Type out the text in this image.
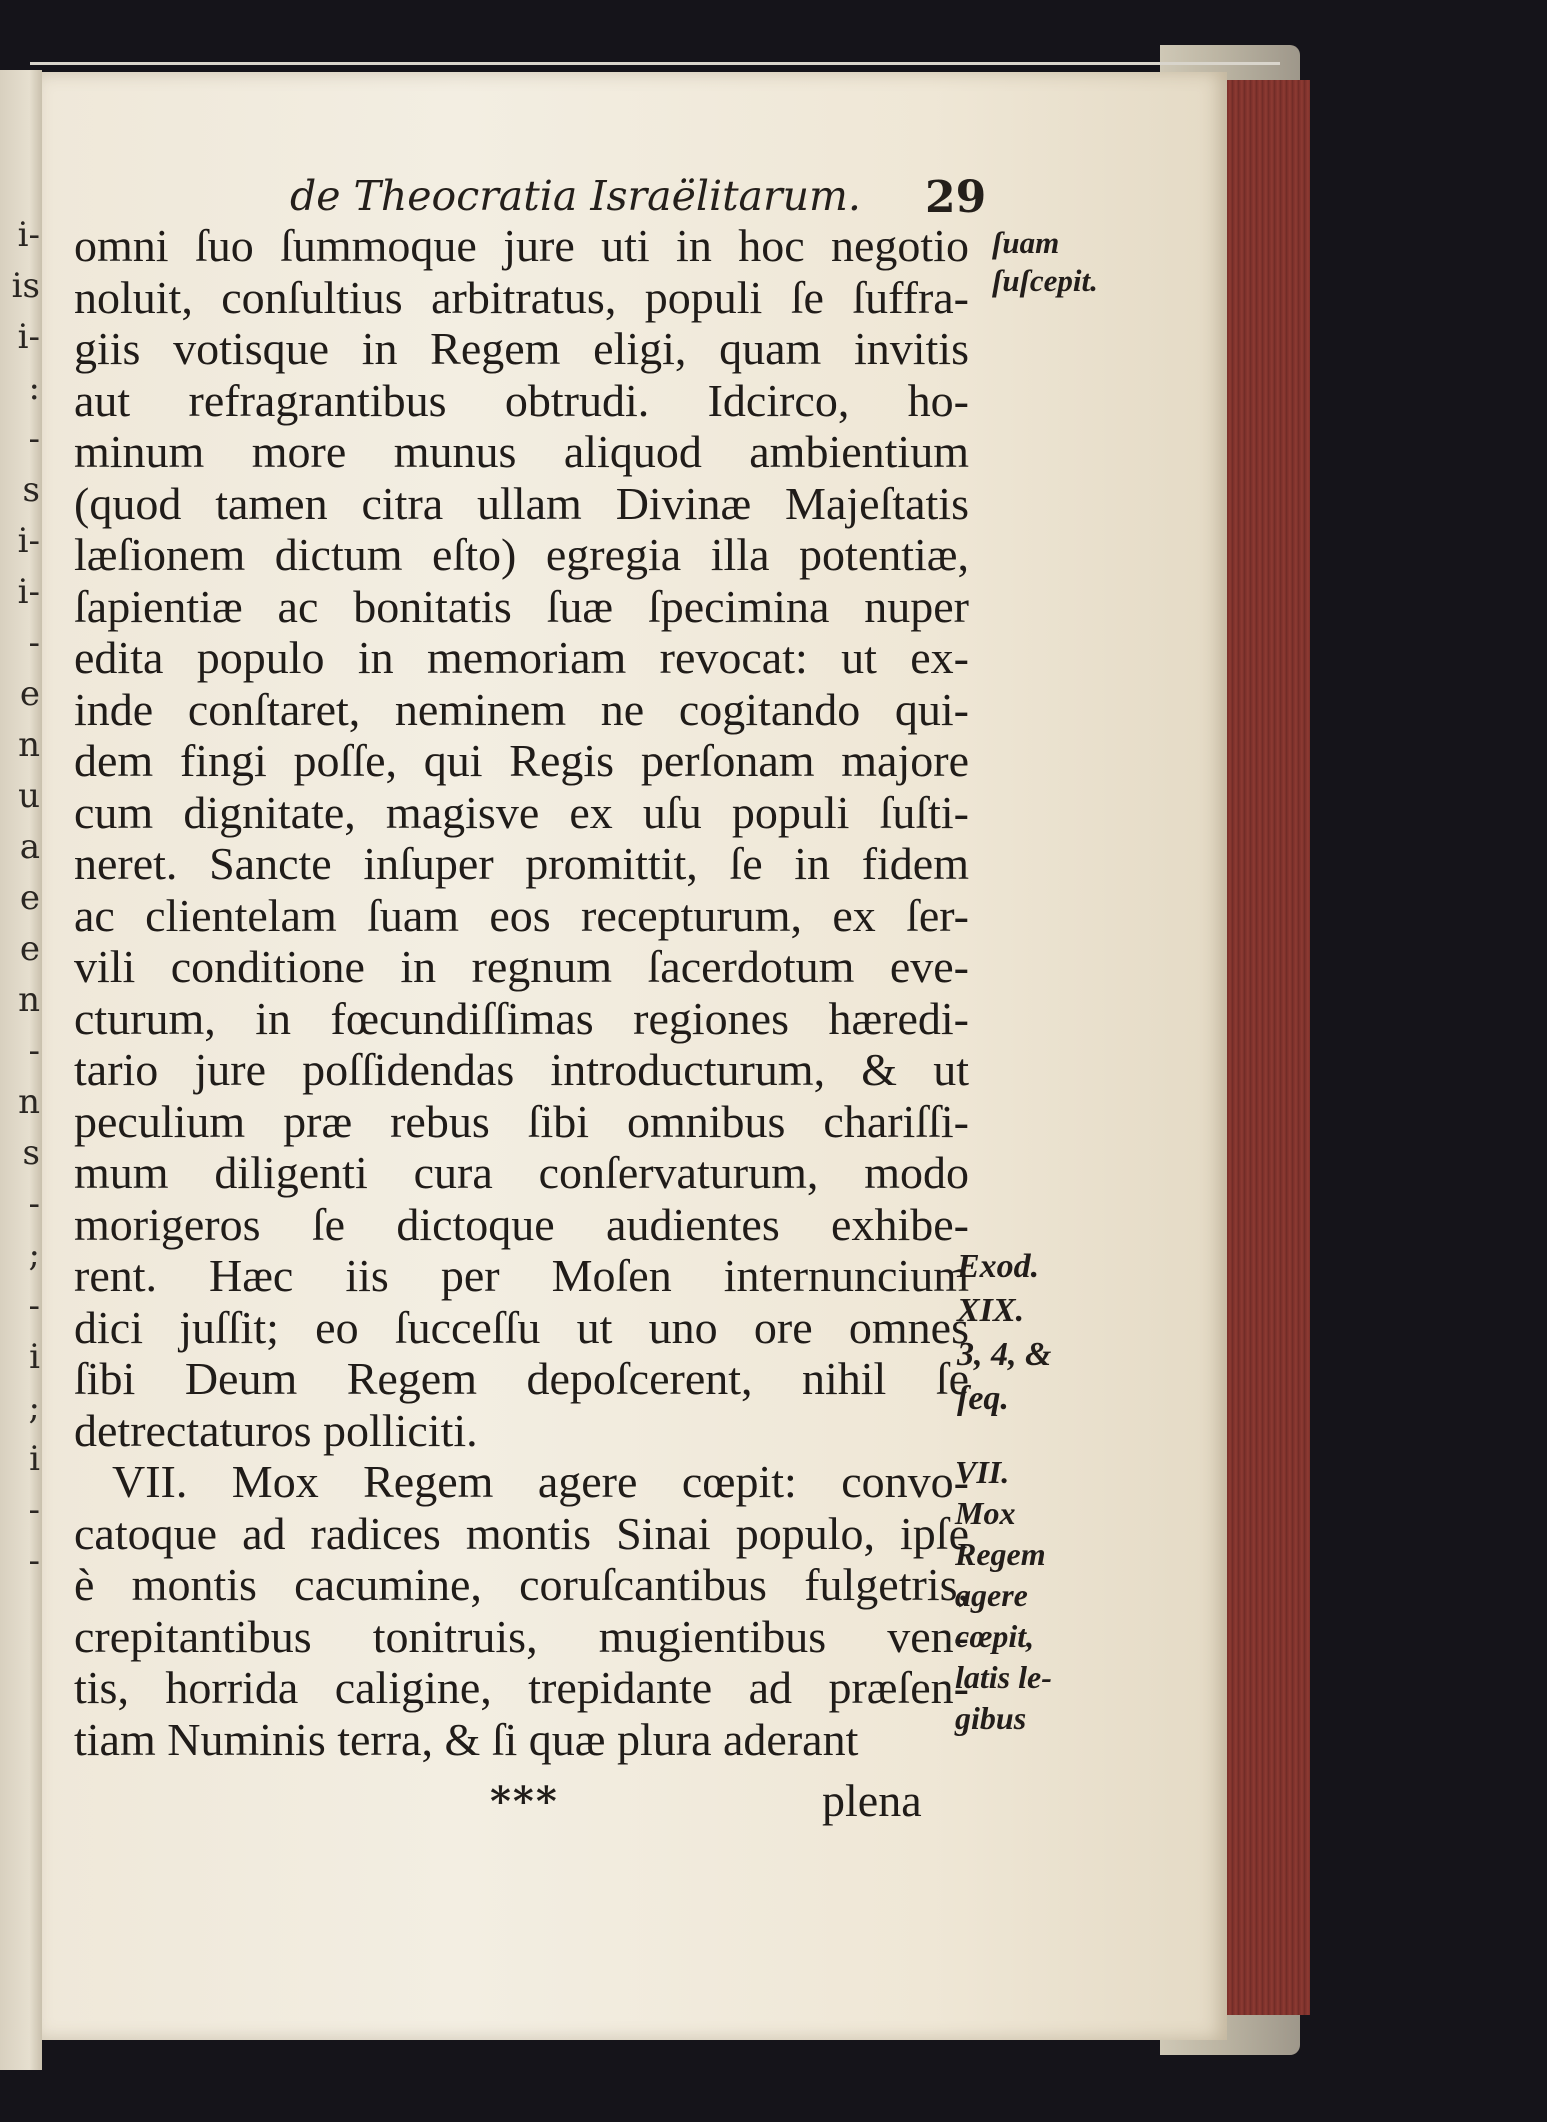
i-
is
i-
:
-
s
i-
i-
-
e
n
u
a
e
e
n
-
n
s
-
;
-
i
;
i
-
-
de Theocratia Israëlitarum. 29
omni ſuo ſummoque jure uti in hoc negotio
noluit, conſultius arbitratus, populi ſe ſuffra-
giis votisque in Regem eligi, quam invitis
aut refragrantibus obtrudi. Idcirco, ho-
minum more munus aliquod ambientium
(quod tamen citra ullam Divinæ Majeſtatis
læſionem dictum eſto) egregia illa potentiæ,
ſapientiæ ac bonitatis ſuæ ſpecimina nuper
edita populo in memoriam revocat: ut ex-
inde conſtaret, neminem ne cogitando qui-
dem fingi poſſe, qui Regis perſonam majore
cum dignitate, magisve ex uſu populi ſuſti-
neret. Sancte inſuper promittit, ſe in fidem
ac clientelam ſuam eos recepturum, ex ſer-
vili conditione in regnum ſacerdotum eve-
cturum, in fœcundiſſimas regiones hæredi-
tario jure poſſidendas introducturum, & ut
peculium præ rebus ſibi omnibus chariſſi-
mum diligenti cura conſervaturum, modo
morigeros ſe dictoque audientes exhibe-
rent. Hæc iis per Moſen internuncium
dici juſſit; eo ſucceſſu ut uno ore omnes
ſibi Deum Regem depoſcerent, nihil ſe
detrectaturos polliciti.
VII. Mox Regem agere cœpit: convo-
catoque ad radices montis Sinai populo, ipſe
è montis cacumine, coruſcantibus fulgetris,
crepitantibus tonitruis, mugientibus ven-
tis, horrida caligine, trepidante ad præſen-
tiam Numinis terra, & ſi quæ plura aderant
ſuam
ſuſcepit.
Exod.
XIX.
3, 4, &
ſeq.
VII.
Mox
Regem
agere
cœpit,
latis le-
gibus
***	plena
